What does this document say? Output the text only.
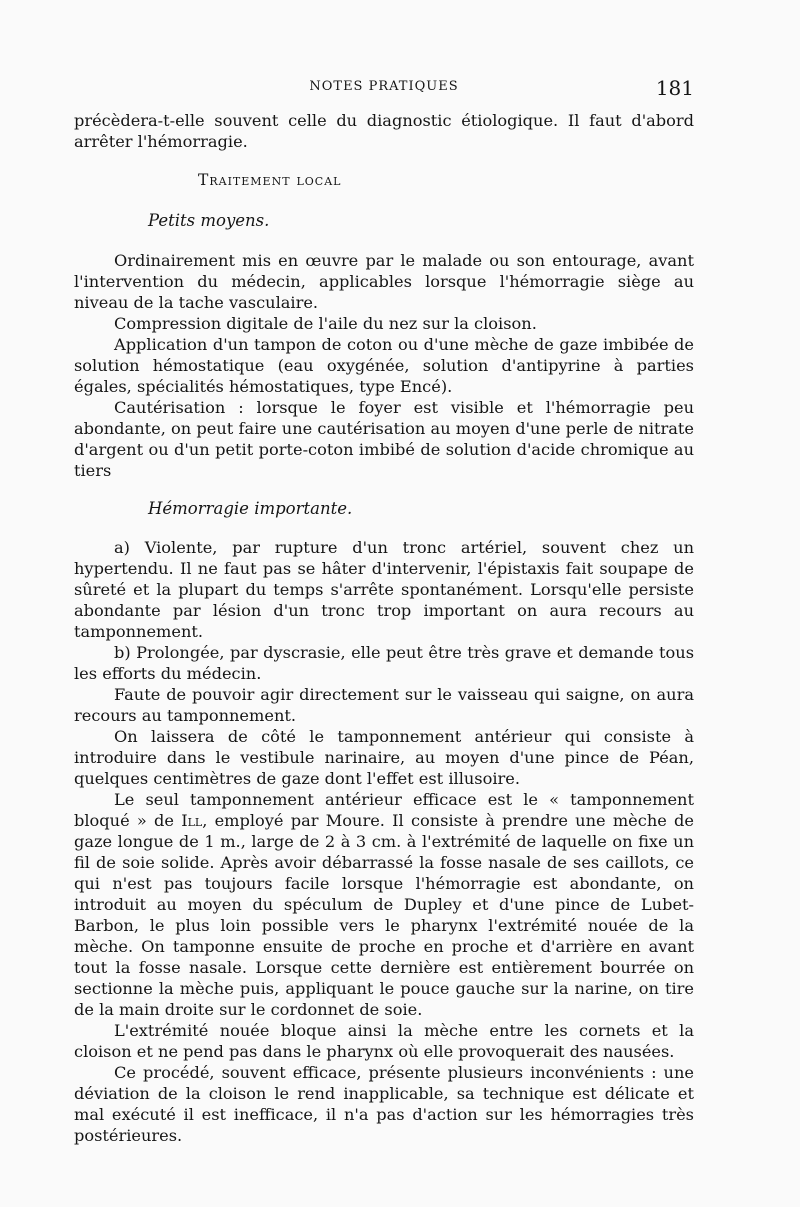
NOTES PRATIQUES	181

précèdera-t-elle souvent celle du diagnostic étiologique. Il faut d'abord arrêter l'hémorragie.

Traitement local

Petits moyens.

Ordinairement mis en œuvre par le malade ou son entourage, avant l'intervention du médecin, applicables lorsque l'hémorragie siège au niveau de la tache vasculaire.

Compression digitale de l'aile du nez sur la cloison.

Application d'un tampon de coton ou d'une mèche de gaze imbibée de solution hémostatique (eau oxygénée, solution d'antipyrine à parties égales, spécialités hémostatiques, type Encé).

Cautérisation : lorsque le foyer est visible et l'hémorragie peu abondante, on peut faire une cautérisation au moyen d'une perle de nitrate d'argent ou d'un petit porte-coton imbibé de solution d'acide chromique au tiers

Hémorragie importante.

a) Violente, par rupture d'un tronc artériel, souvent chez un hypertendu. Il ne faut pas se hâter d'intervenir, l'épistaxis fait soupape de sûreté et la plupart du temps s'arrête spontanément. Lorsqu'elle persiste abondante par lésion d'un tronc trop important on aura recours au tamponnement.

b) Prolongée, par dyscrasie, elle peut être très grave et demande tous les efforts du médecin.

Faute de pouvoir agir directement sur le vaisseau qui saigne, on aura recours au tamponnement.

On laissera de côté le tamponnement antérieur qui consiste à introduire dans le vestibule narinaire, au moyen d'une pince de Péan, quelques centimètres de gaze dont l'effet est illusoire.

Le seul tamponnement antérieur efficace est le « tamponnement bloqué » de Ill, employé par Moure. Il consiste à prendre une mèche de gaze longue de 1 m., large de 2 à 3 cm. à l'extrémité de laquelle on fixe un fil de soie solide. Après avoir débarrassé la fosse nasale de ses caillots, ce qui n'est pas toujours facile lorsque l'hémorragie est abondante, on introduit au moyen du spéculum de Dupley et d'une pince de Lubet-Barbon, le plus loin possible vers le pharynx l'extrémité nouée de la mèche. On tamponne ensuite de proche en proche et d'arrière en avant tout la fosse nasale. Lorsque cette dernière est entièrement bourrée on sectionne la mèche puis, appliquant le pouce gauche sur la narine, on tire de la main droite sur le cordonnet de soie.

L'extrémité nouée bloque ainsi la mèche entre les cornets et la cloison et ne pend pas dans le pharynx où elle provoquerait des nausées.

Ce procédé, souvent efficace, présente plusieurs inconvénients : une déviation de la cloison le rend inapplicable, sa technique est délicate et mal exécuté il est inefficace, il n'a pas d'action sur les hémorragies très postérieures.
